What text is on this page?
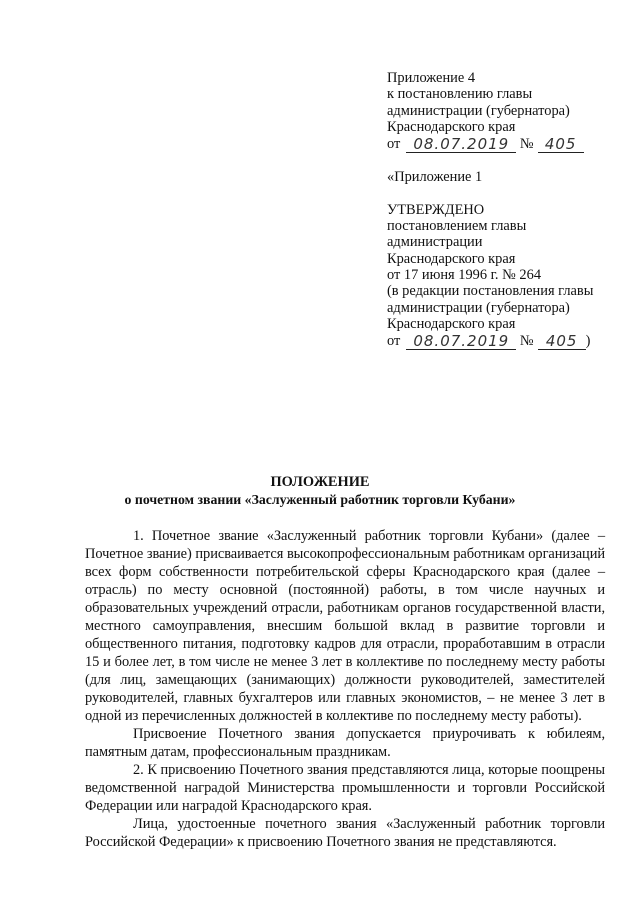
Приложение 4
к постановлению главы
администрации (губернатора)
Краснодарского края
от 08.07.2019 № 405
«Приложение 1
УТВЕРЖДЕНО
постановлением главы
администрации
Краснодарского края
от 17 июня 1996 г. № 264
(в редакции постановления главы
администрации (губернатора)
Краснодарского края
от 08.07.2019 № 405 )
ПОЛОЖЕНИЕ
о почетном звании «Заслуженный работник торговли Кубани»

1. Почетное звание «Заслуженный работник торговли Кубани» (далее – Почетное звание) присваивается высокопрофессиональным работникам организаций всех форм собственности потребительской сферы Краснодарского края (далее – отрасль) по месту основной (постоянной) работы, в том числе научных и образовательных учреждений отрасли, работникам органов государственной власти, местного самоуправления, внесшим большой вклад в развитие торговли и общественного питания, подготовку кадров для отрасли, проработавшим в отрасли 15 и более лет, в том числе не менее 3 лет в коллективе по последнему месту работы (для лиц, замещающих (занимающих) должности руководителей, заместителей руководителей, главных бухгалтеров или главных экономистов, – не менее 3 лет в одной из перечисленных должностей в коллективе по последнему месту работы).

Присвоение Почетного звания допускается приурочивать к юбилеям, памятным датам, профессиональным праздникам.

2. К присвоению Почетного звания представляются лица, которые поощрены ведомственной наградой Министерства промышленности и торговли Российской Федерации или наградой Краснодарского края.

Лица, удостоенные почетного звания «Заслуженный работник торговли Российской Федерации» к присвоению Почетного звания не представляются.
